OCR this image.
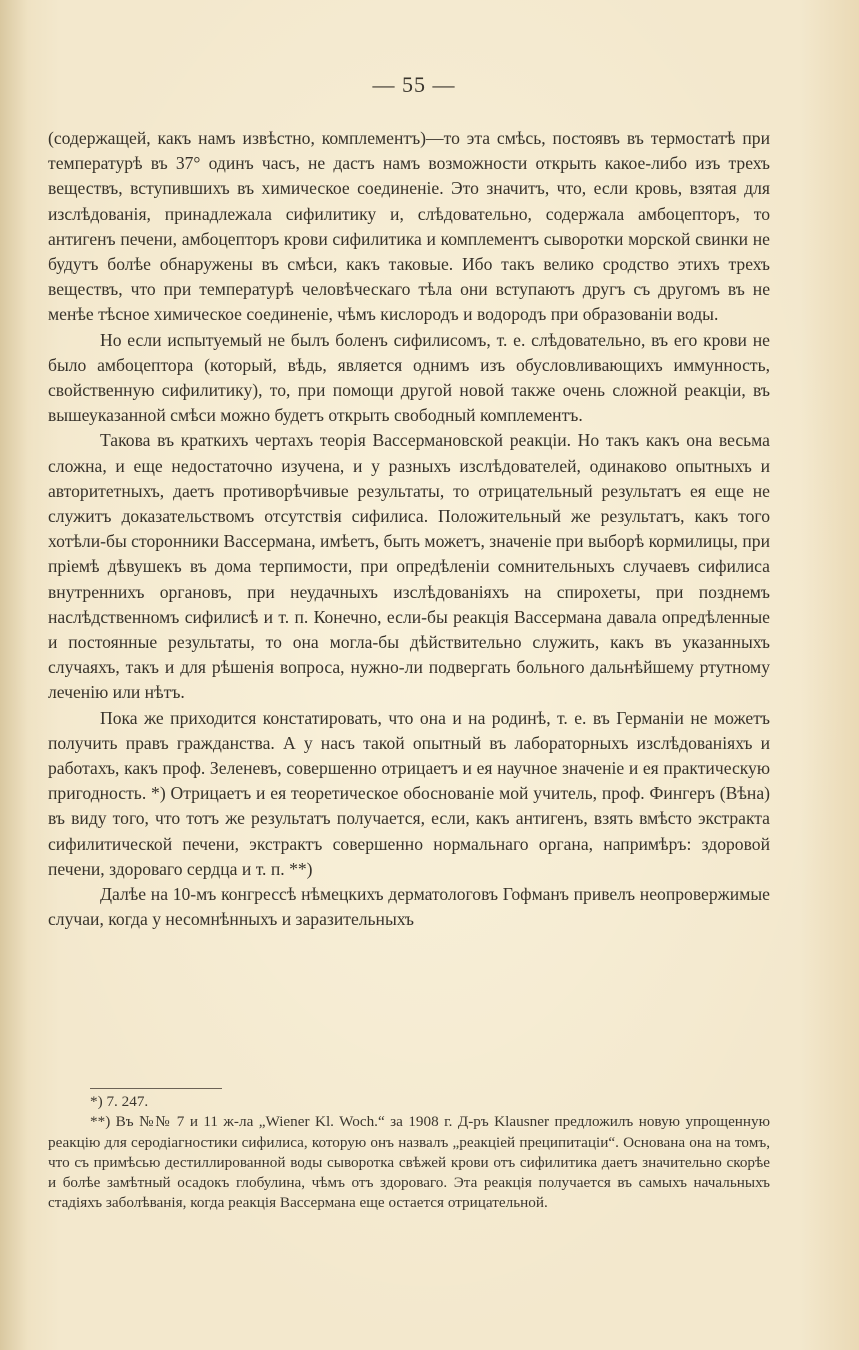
— 55 —

(содержащей, какъ намъ извѣстно, комплементъ)—то эта смѣсь, постоявъ въ термостатѣ при температурѣ въ 37° одинъ часъ, не дастъ намъ возможности открыть какое-либо изъ трехъ веществъ, вступившихъ въ химическое соединеніе. Это значитъ, что, если кровь, взятая для изслѣдованія, принадлежала сифилитику и, слѣдовательно, содержала амбоцепторъ, то антигенъ печени, амбоцепторъ крови сифилитика и комплементъ сыворотки морской свинки не будутъ болѣе обнаружены въ смѣси, какъ таковые. Ибо такъ велико сродство этихъ трехъ веществъ, что при температурѣ человѣческаго тѣла они вступаютъ другъ съ другомъ въ не менѣе тѣсное химическое соединеніе, чѣмъ кислородъ и водородъ при образованіи воды.

Но если испытуемый не былъ боленъ сифилисомъ, т. е. слѣдовательно, въ его крови не было амбоцептора (который, вѣдь, является однимъ изъ обусловливающихъ иммунность, свойственную сифилитику), то, при помощи другой новой также очень сложной реакціи, въ вышеуказанной смѣси можно будетъ открыть свободный комплементъ.

Такова въ краткихъ чертахъ теорія Вассермановской реакціи. Но такъ какъ она весьма сложна, и еще недостаточно изучена, и у разныхъ изслѣдователей, одинаково опытныхъ и авторитетныхъ, даетъ противорѣчивые результаты, то отрицательный результатъ ея еще не служитъ доказательствомъ отсутствія сифилиса. Положительный же результатъ, какъ того хотѣли-бы сторонники Вассермана, имѣетъ, быть можетъ, значеніе при выборѣ кормилицы, при пріемѣ дѣвушекъ въ дома терпимости, при опредѣленіи сомнительныхъ случаевъ сифилиса внутреннихъ органовъ, при неудачныхъ изслѣдованіяхъ на спирохеты, при позднемъ наслѣдственномъ сифилисѣ и т. п. Конечно, если-бы реакція Вассермана давала опредѣленные и постоянные результаты, то она могла-бы дѣйствительно служить, какъ въ указанныхъ случаяхъ, такъ и для рѣшенія вопроса, нужно-ли подвергать больного дальнѣйшему ртутному леченію или нѣтъ.

Пока же приходится констатировать, что она и на родинѣ, т. е. въ Германіи не можетъ получить правъ гражданства. А у насъ такой опытный въ лабораторныхъ изслѣдованіяхъ и работахъ, какъ проф. Зеленевъ, совершенно отрицаетъ и ея научное значеніе и ея практическую пригодность. *) Отрицаетъ и ея теоретическое обоснованіе мой учитель, проф. Фингеръ (Вѣна) въ виду того, что тотъ же результатъ получается, если, какъ антигенъ, взять вмѣсто экстракта сифилитической печени, экстрактъ совершенно нормальнаго органа, напримѣръ: здоровой печени, здороваго сердца и т. п. **)

Далѣе на 10-мъ конгрессѣ нѣмецкихъ дерматологовъ Гофманъ привелъ неопровержимые случаи, когда у несомнѣнныхъ и заразительныхъ

*) 7. 247.

**) Въ №№ 7 и 11 ж-ла „Wiener Kl. Woch.“ за 1908 г. Д-ръ Klausner предложилъ новую упрощенную реакцію для серодіагностики сифилиса, которую онъ назвалъ „реакціей преципитаціи“. Основана она на томъ, что съ примѣсью дестиллированной воды сыворотка свѣжей крови отъ сифилитика даетъ значительно скорѣе и болѣе замѣтный осадокъ глобулина, чѣмъ отъ здороваго. Эта реакція получается въ самыхъ начальныхъ стадіяхъ заболѣванія, когда реакція Вассермана еще остается отрицательной.
